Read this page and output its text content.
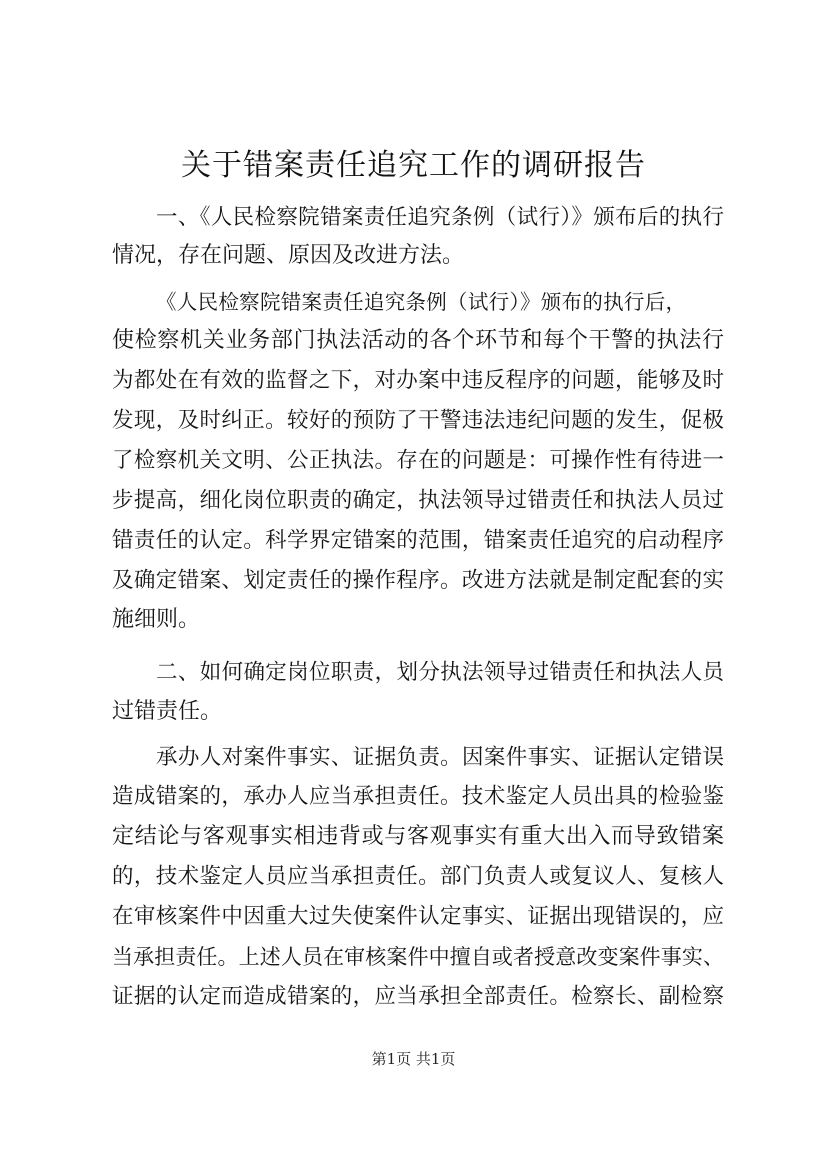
关于错案责任追究工作的调研报告
一、《人民检察院错案责任追究条例（试行）》颁布后的执行
情况，存在问题、原因及改进方法。
《人民检察院错案责任追究条例（试行）》颁布的执行后，
使检察机关业务部门执法活动的各个环节和每个干警的执法行
为都处在有效的监督之下，对办案中违反程序的问题，能够及时
发现，及时纠正。较好的预防了干警违法违纪问题的发生，促极
了检察机关文明、公正执法。存在的问题是：可操作性有待进一
步提高，细化岗位职责的确定，执法领导过错责任和执法人员过
错责任的认定。科学界定错案的范围，错案责任追究的启动程序
及确定错案、划定责任的操作程序。改进方法就是制定配套的实
施细则。
二、如何确定岗位职责，划分执法领导过错责任和执法人员
过错责任。
承办人对案件事实、证据负责。因案件事实、证据认定错误
造成错案的，承办人应当承担责任。技术鉴定人员出具的检验鉴
定结论与客观事实相违背或与客观事实有重大出入而导致错案
的，技术鉴定人员应当承担责任。部门负责人或复议人、复核人
在审核案件中因重大过失使案件认定事实、证据出现错误的，应
当承担责任。上述人员在审核案件中擅自或者授意改变案件事实、
证据的认定而造成错案的，应当承担全部责任。检察长、副检察
第1页 共1页
